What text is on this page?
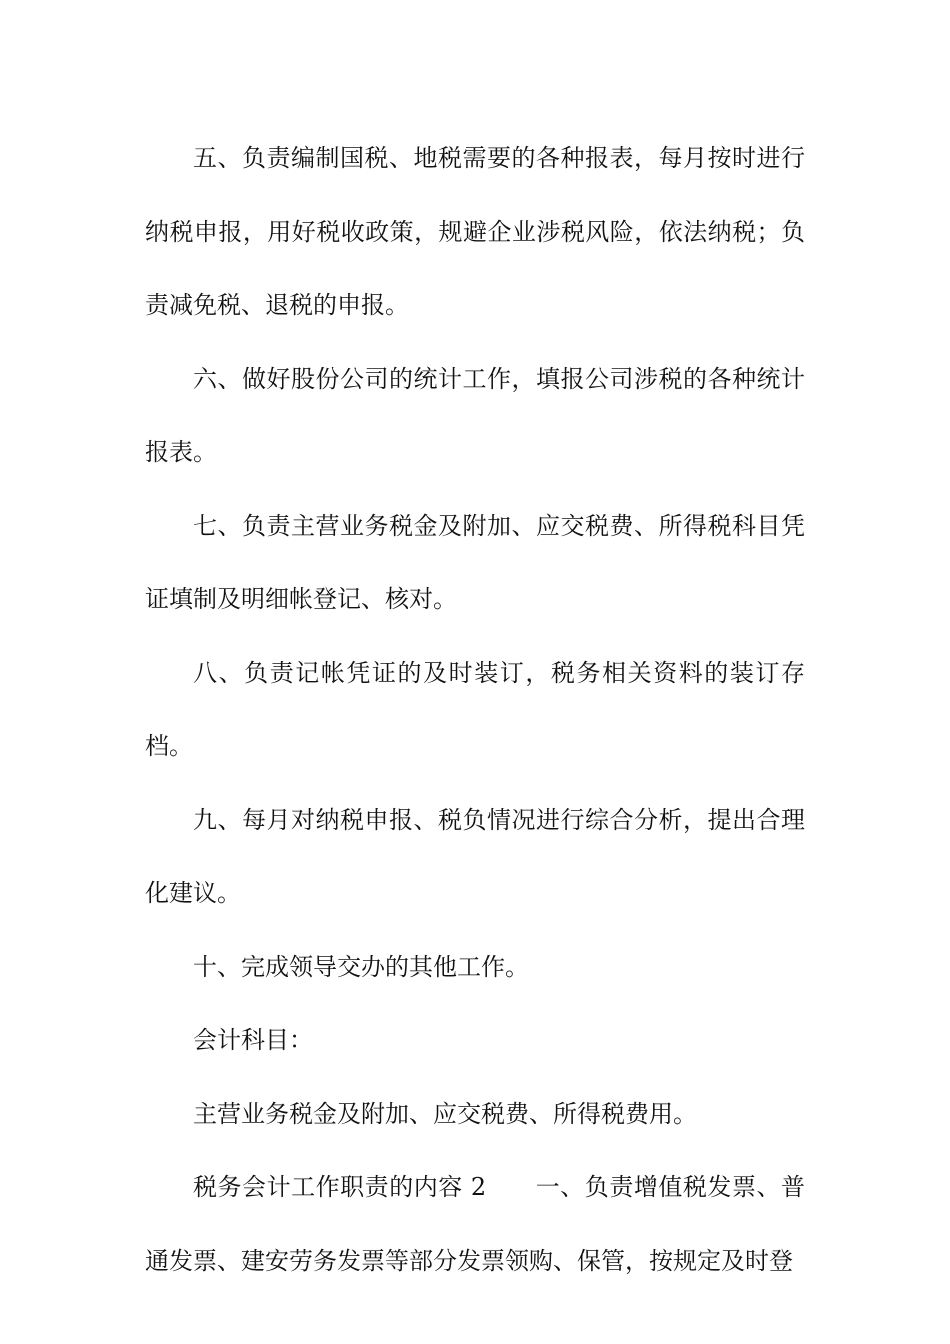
五、负责编制国税、地税需要的各种报表，每月按时进行纳税申报，用好税收政策，规避企业涉税风险，依法纳税；负责减免税、退税的申报。

六、做好股份公司的统计工作，填报公司涉税的各种统计报表。

七、负责主营业务税金及附加、应交税费、所得税科目凭证填制及明细帐登记、核对。

八、负责记帐凭证的及时装订，税务相关资料的装订存档。

九、每月对纳税申报、税负情况进行综合分析，提出合理化建议。

十、完成领导交办的其他工作。

会计科目：

主营业务税金及附加、应交税费、所得税费用。

税务会计工作职责的内容 2　　一、负责增值税发票、普通发票、建安劳务发票等部分发票领购、保管，按规定及时登
